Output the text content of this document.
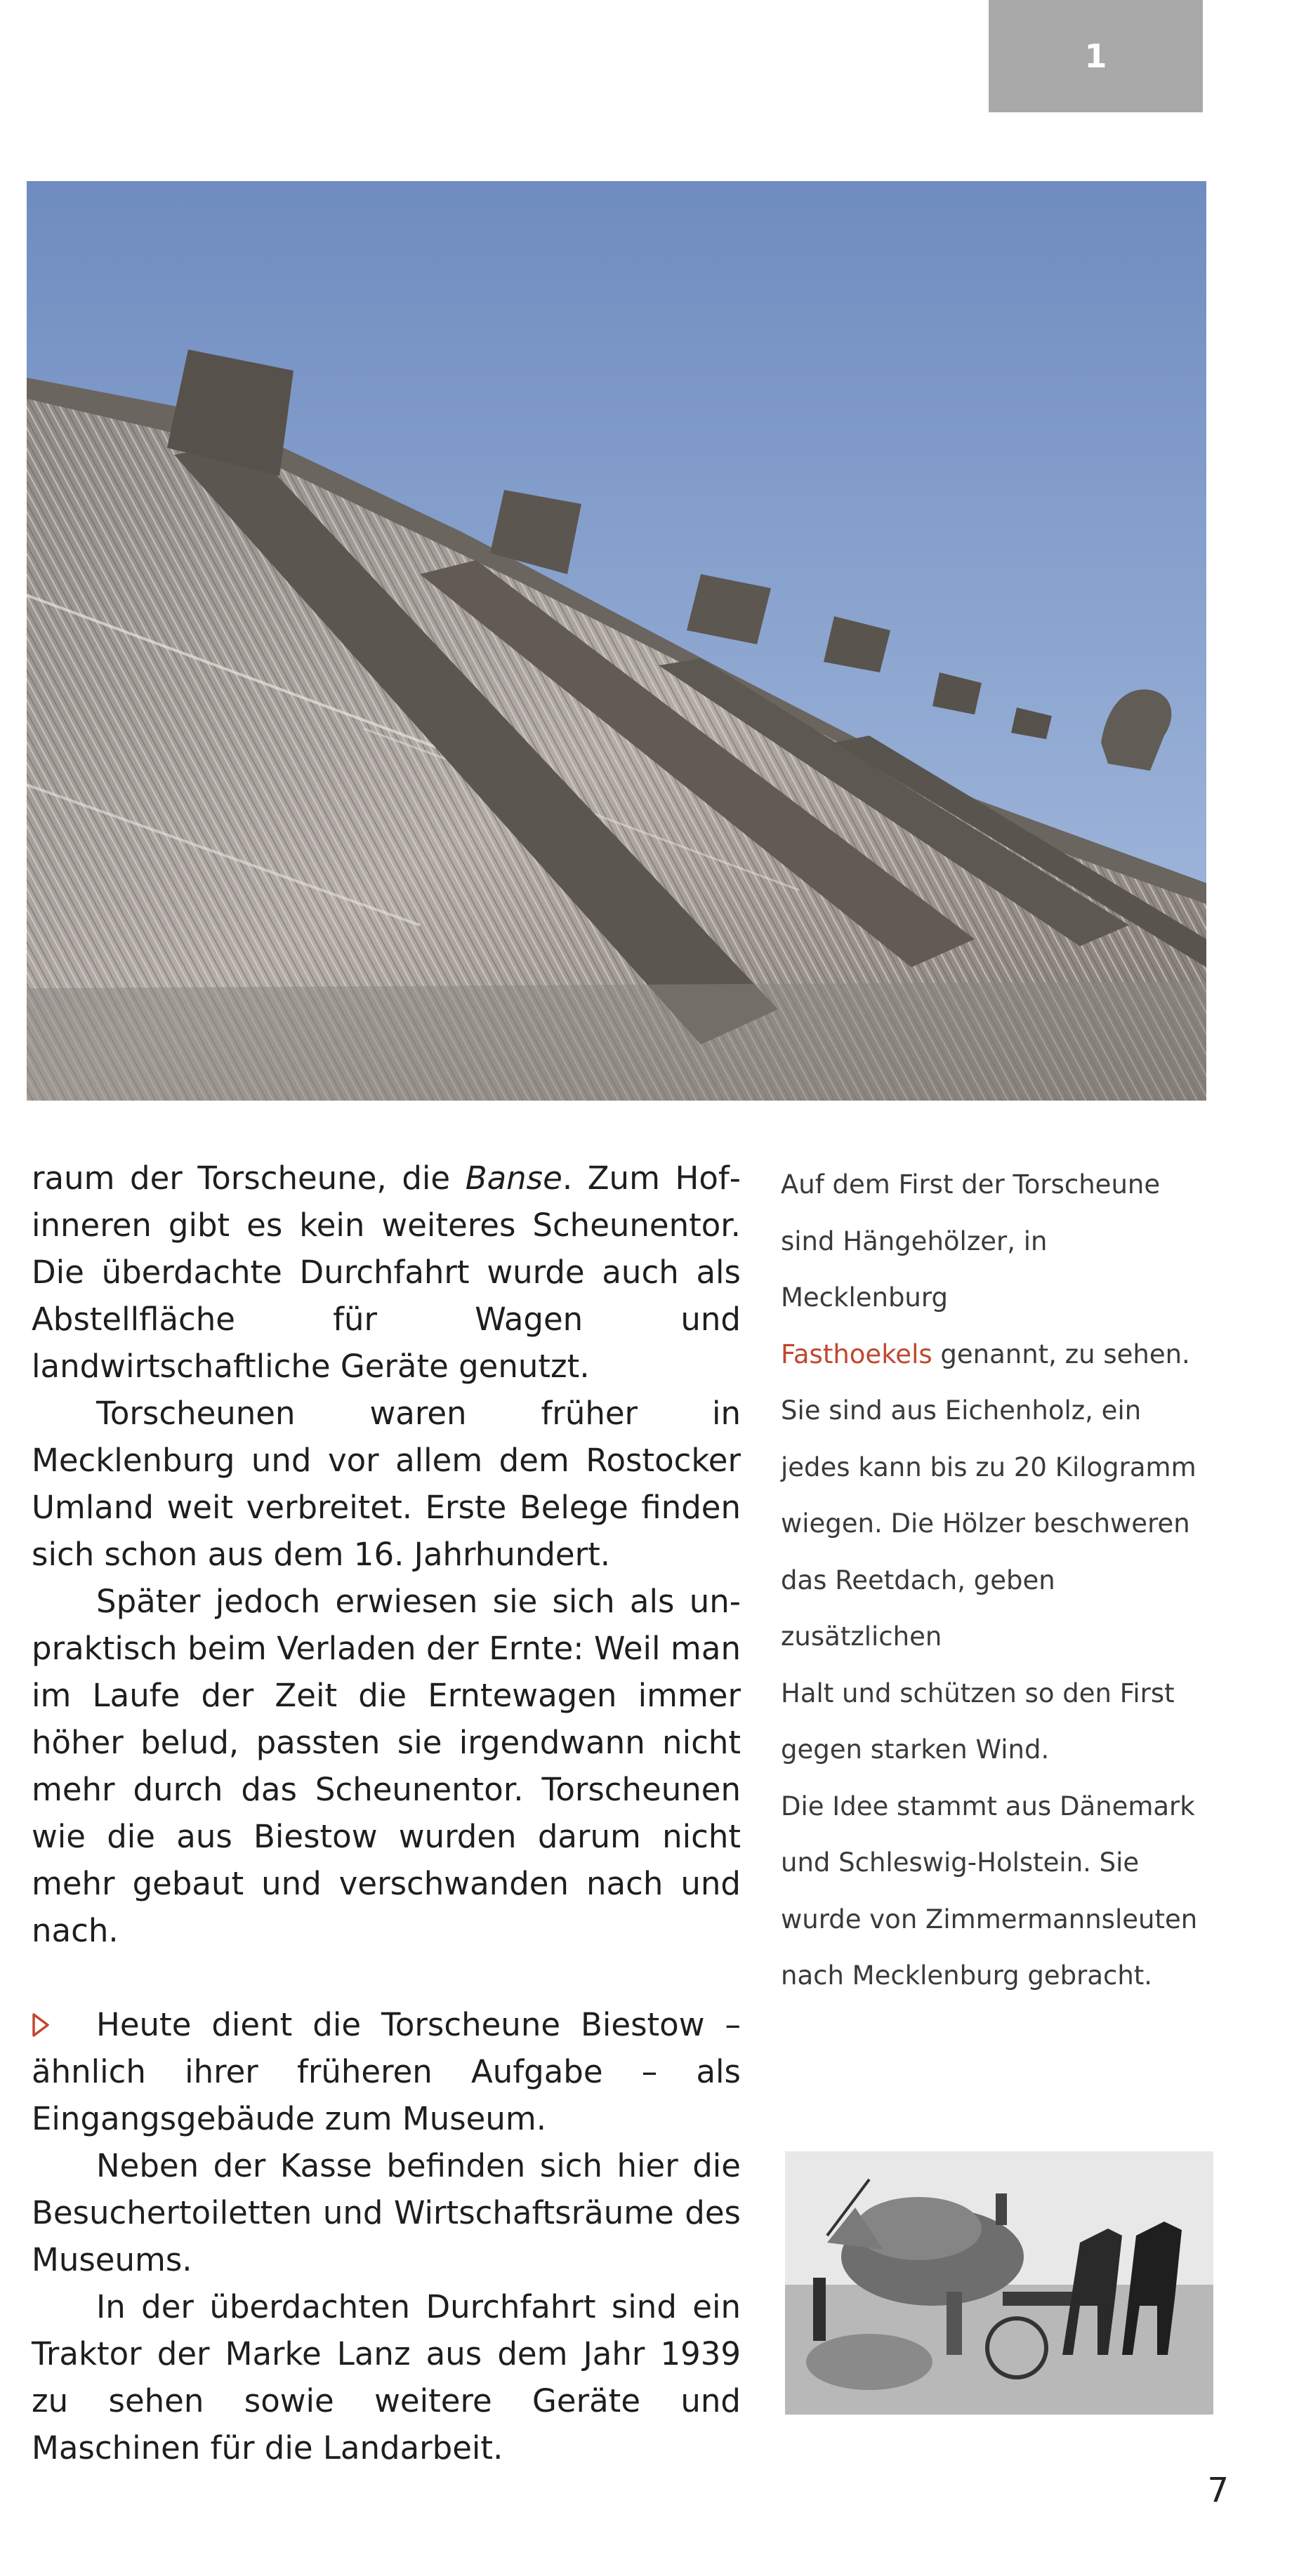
1

raum der Torscheune, die Banse. Zum Hofinneren gibt es kein weiteres Scheunentor. Die überdachte Durchfahrt wurde auch als Abstellfläche für Wagen und landwirtschaftliche Geräte genutzt.

Torscheunen waren früher in Mecklenburg und vor allem dem Rostocker Umland weit verbreitet. Erste Belege finden sich schon aus dem 16. Jahrhundert.

Später jedoch erwiesen sie sich als unpraktisch beim Verladen der Ernte: Weil man im Laufe der Zeit die Erntewagen immer höher belud, passten sie irgendwann nicht mehr durch das Scheunentor. Torscheunen wie die aus Biestow wurden darum nicht mehr gebaut und verschwanden nach und nach.

Heute dient die Torscheune Biestow – ähnlich ihrer früheren Aufgabe – als Eingangsgebäude zum Museum.

Neben der Kasse befinden sich hier die Besuchertoiletten und Wirtschaftsräume des Museums.

In der überdachten Durchfahrt sind ein Traktor der Marke Lanz aus dem Jahr 1939 zu sehen sowie weitere Geräte und Maschinen für die Landarbeit.

Auf dem First der Torscheune

sind Hängehölzer, in Mecklenburg

Fasthoekels genannt, zu sehen.

Sie sind aus Eichenholz, ein

jedes kann bis zu 20 Kilogramm

wiegen. Die Hölzer beschweren

das Reetdach, geben zusätzlichen

Halt und schützen so den First

gegen starken Wind.

Die Idee stammt aus Dänemark

und Schleswig-Holstein. Sie

wurde von Zimmermannsleuten

nach Mecklenburg gebracht.

7
